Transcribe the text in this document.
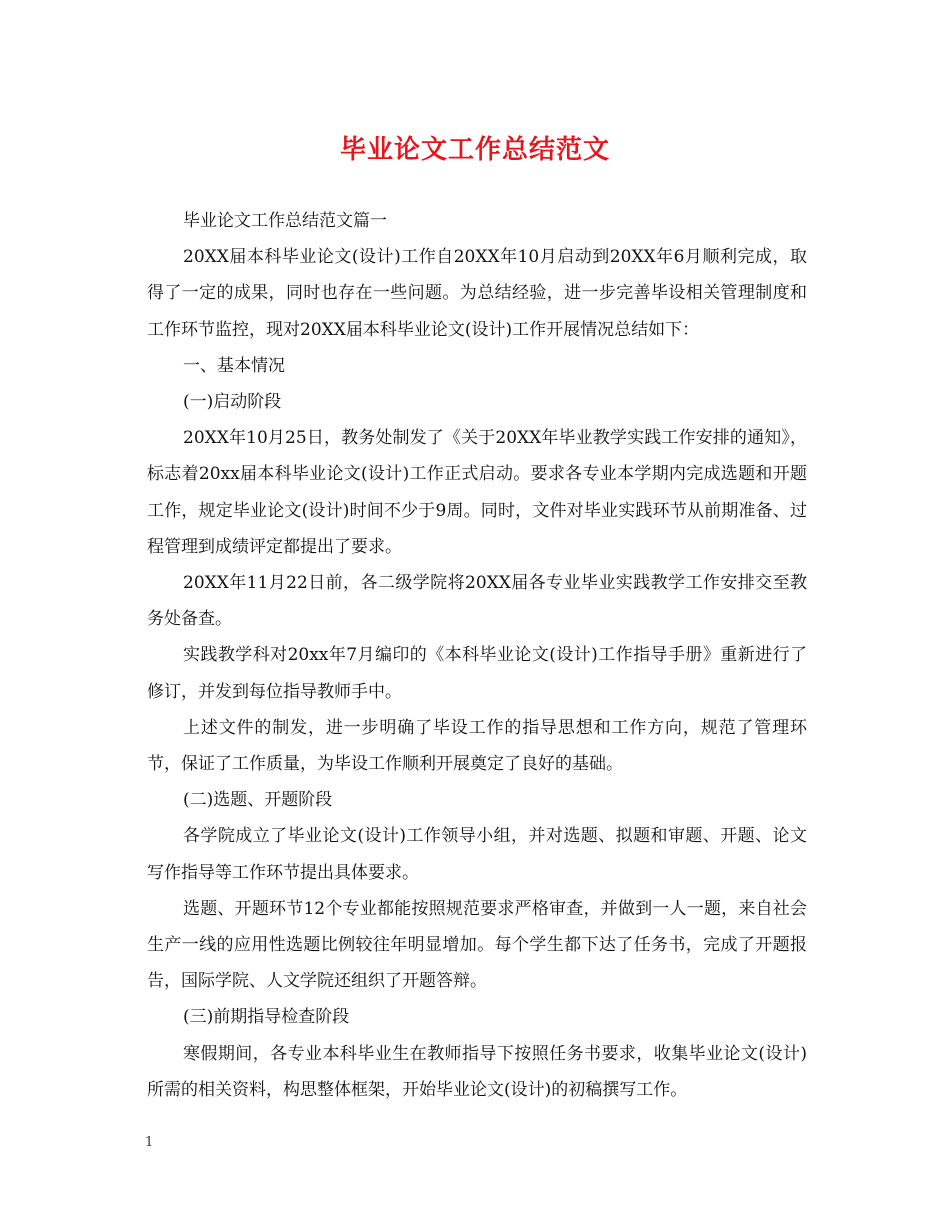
毕业论文工作总结范文

毕业论文工作总结范文篇一

20XX届本科毕业论文(设计)工作自20XX年10月启动到20XX年6月顺利完成，取得了一定的成果，同时也存在一些问题。为总结经验，进一步完善毕设相关管理制度和工作环节监控，现对20XX届本科毕业论文(设计)工作开展情况总结如下：

一、基本情况

(一)启动阶段

20XX年10月25日，教务处制发了《关于20XX年毕业教学实践工作安排的通知》，标志着20xx届本科毕业论文(设计)工作正式启动。要求各专业本学期内完成选题和开题工作，规定毕业论文(设计)时间不少于9周。同时，文件对毕业实践环节从前期准备、过程管理到成绩评定都提出了要求。

20XX年11月22日前，各二级学院将20XX届各专业毕业实践教学工作安排交至教务处备查。

实践教学科对20xx年7月编印的《本科毕业论文(设计)工作指导手册》重新进行了修订，并发到每位指导教师手中。

上述文件的制发，进一步明确了毕设工作的指导思想和工作方向，规范了管理环节，保证了工作质量，为毕设工作顺利开展奠定了良好的基础。

(二)选题、开题阶段

各学院成立了毕业论文(设计)工作领导小组，并对选题、拟题和审题、开题、论文写作指导等工作环节提出具体要求。

选题、开题环节12个专业都能按照规范要求严格审查，并做到一人一题，来自社会生产一线的应用性选题比例较往年明显增加。每个学生都下达了任务书，完成了开题报告，国际学院、人文学院还组织了开题答辩。

(三)前期指导检查阶段

寒假期间，各专业本科毕业生在教师指导下按照任务书要求，收集毕业论文(设计)所需的相关资料，构思整体框架，开始毕业论文(设计)的初稿撰写工作。

1
